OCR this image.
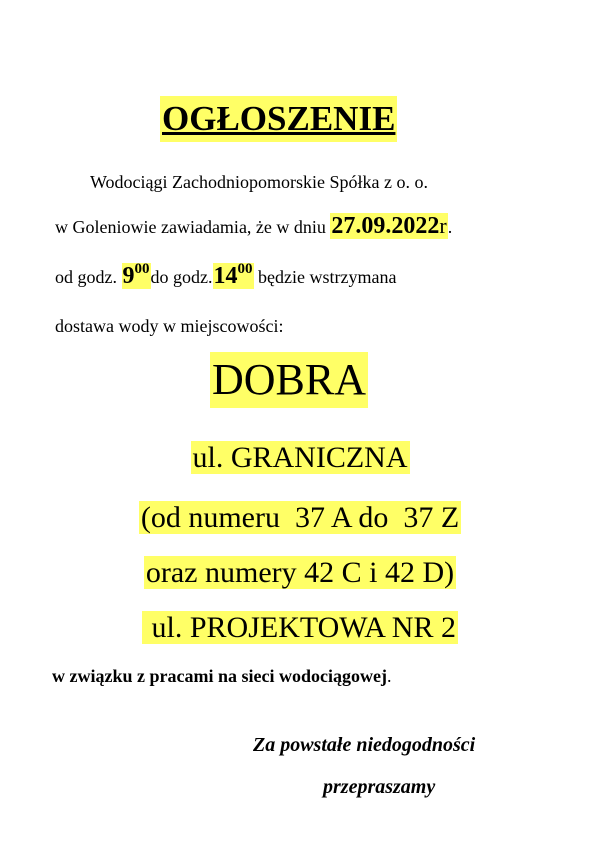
OGŁOSZENIE
Wodociągi Zachodniopomorskie Spółka z o. o.
w Goleniowie zawiadamia, że w dniu 27.09.2022r.
od godz. $9^{00}do$ $godz.14^{00}$ będzie wstrzymana
dostawa wody w miejscowości:
DOBRA
ul. GRANICZNA
(od numeru  37 A do  37 Z
oraz numery 42 C i 42 D)
ul. PROJEKTOWA NR 2
w związku z pracami na sieci wodociągowej.
Za powstałe niedogodności
przepraszamy
